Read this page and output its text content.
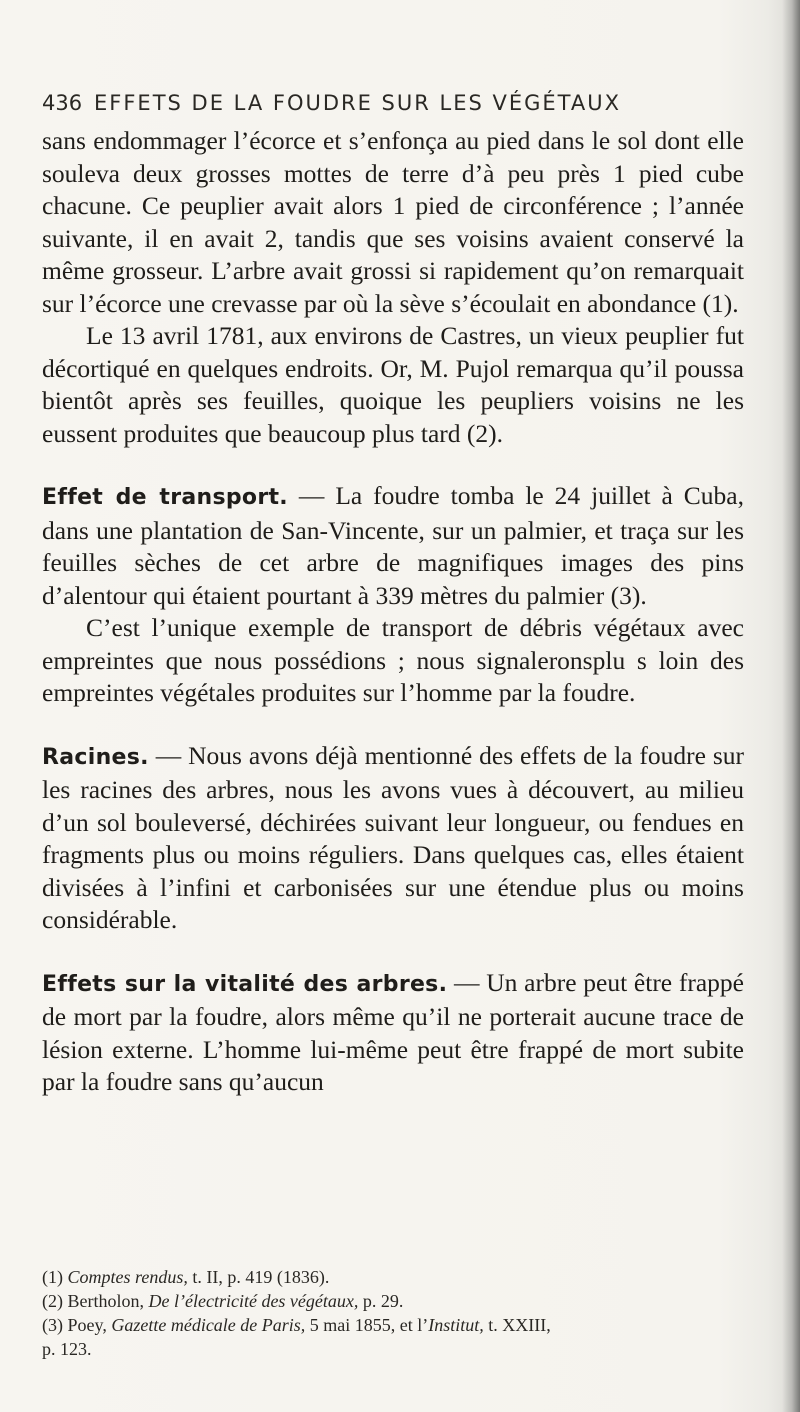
436 EFFETS DE LA FOUDRE SUR LES VÉGÉTAUX

sans endommager l’écorce et s’enfonça au pied dans le sol dont elle souleva deux grosses mottes de terre d’à peu près 1 pied cube chacune. Ce peuplier avait alors 1 pied de circonférence ; l’année suivante, il en avait 2, tandis que ses voisins avaient conservé la même grosseur. L’arbre avait grossi si rapidement qu’on remarquait sur l’écorce une crevasse par où la sève s’écoulait en abondance (1).

Le 13 avril 1781, aux environs de Castres, un vieux peuplier fut décortiqué en quelques endroits. Or, M. Pujol remarqua qu’il poussa bientôt après ses feuilles, quoique les peupliers voisins ne les eussent produites que beaucoup plus tard (2).

Effet de transport. — La foudre tomba le 24 juillet à Cuba, dans une plantation de San-Vincente, sur un palmier, et traça sur les feuilles sèches de cet arbre de magnifiques images des pins d’alentour qui étaient pourtant à 339 mètres du palmier (3).

C’est l’unique exemple de transport de débris végétaux avec empreintes que nous possédions ; nous signaleronsplu s loin des empreintes végétales produites sur l’homme par la foudre.

Racines. — Nous avons déjà mentionné des effets de la foudre sur les racines des arbres, nous les avons vues à découvert, au milieu d’un sol bouleversé, déchirées suivant leur longueur, ou fendues en fragments plus ou moins réguliers. Dans quelques cas, elles étaient divisées à l’infini et carbonisées sur une étendue plus ou moins considérable.

Effets sur la vitalité des arbres. — Un arbre peut être frappé de mort par la foudre, alors même qu’il ne porterait aucune trace de lésion externe. L’homme lui-même peut être frappé de mort subite par la foudre sans qu’aucun

(1) Comptes rendus, t. II, p. 419 (1836).
(2) Bertholon, De l’électricité des végétaux, p. 29.
(3) Poey, Gazette médicale de Paris, 5 mai 1855, et l’Institut, t. XXIII,
p. 123.
